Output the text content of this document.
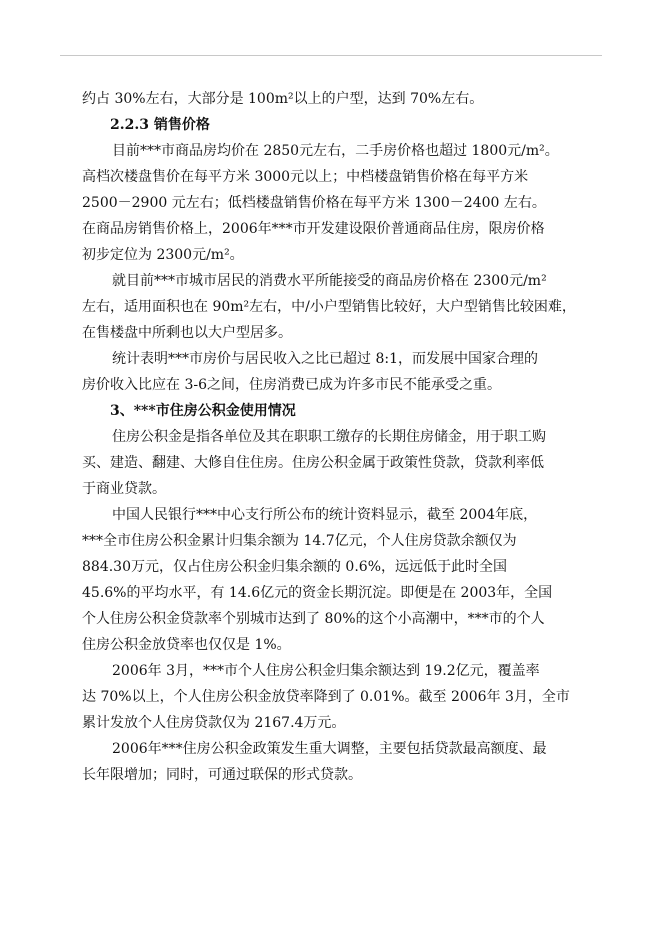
约占 30%左右，大部分是 100m²以上的户型，达到 70%左右。
2.2.3 销售价格
目前***市商品房均价在 2850元左右，二手房价格也超过 1800元/m²。
高档次楼盘售价在每平方米 3000元以上；中档楼盘销售价格在每平方米
2500－2900 元左右；低档楼盘销售价格在每平方米 1300－2400 左右。
在商品房销售价格上，2006年***市开发建设限价普通商品住房，限房价格
初步定位为 2300元/m²。
就目前***市城市居民的消费水平所能接受的商品房价格在 2300元/m²
左右，适用面积也在 90m²左右，中/小户型销售比较好，大户型销售比较困难，
在售楼盘中所剩也以大户型居多。
统计表明***市房价与居民收入之比已超过 8:1，而发展中国家合理的
房价收入比应在 3-6之间，住房消费已成为许多市民不能承受之重。
3、***市住房公积金使用情况
住房公积金是指各单位及其在职职工缴存的长期住房储金，用于职工购
买、建造、翻建、大修自住住房。住房公积金属于政策性贷款，贷款利率低
于商业贷款。
中国人民银行***中心支行所公布的统计资料显示，截至 2004年底，
***全市住房公积金累计归集余额为 14.7亿元，个人住房贷款余额仅为
884.30万元，仅占住房公积金归集余额的 0.6%，远远低于此时全国
45.6%的平均水平，有 14.6亿元的资金长期沉淀。即便是在 2003年，全国
个人住房公积金贷款率个别城市达到了 80%的这个小高潮中，***市的个人
住房公积金放贷率也仅仅是 1%。
2006年 3月，***市个人住房公积金归集余额达到 19.2亿元，覆盖率
达 70%以上，个人住房公积金放贷率降到了 0.01%。截至 2006年 3月，全市
累计发放个人住房贷款仅为 2167.4万元。
2006年***住房公积金政策发生重大调整，主要包括贷款最高额度、最
长年限增加；同时，可通过联保的形式贷款。
